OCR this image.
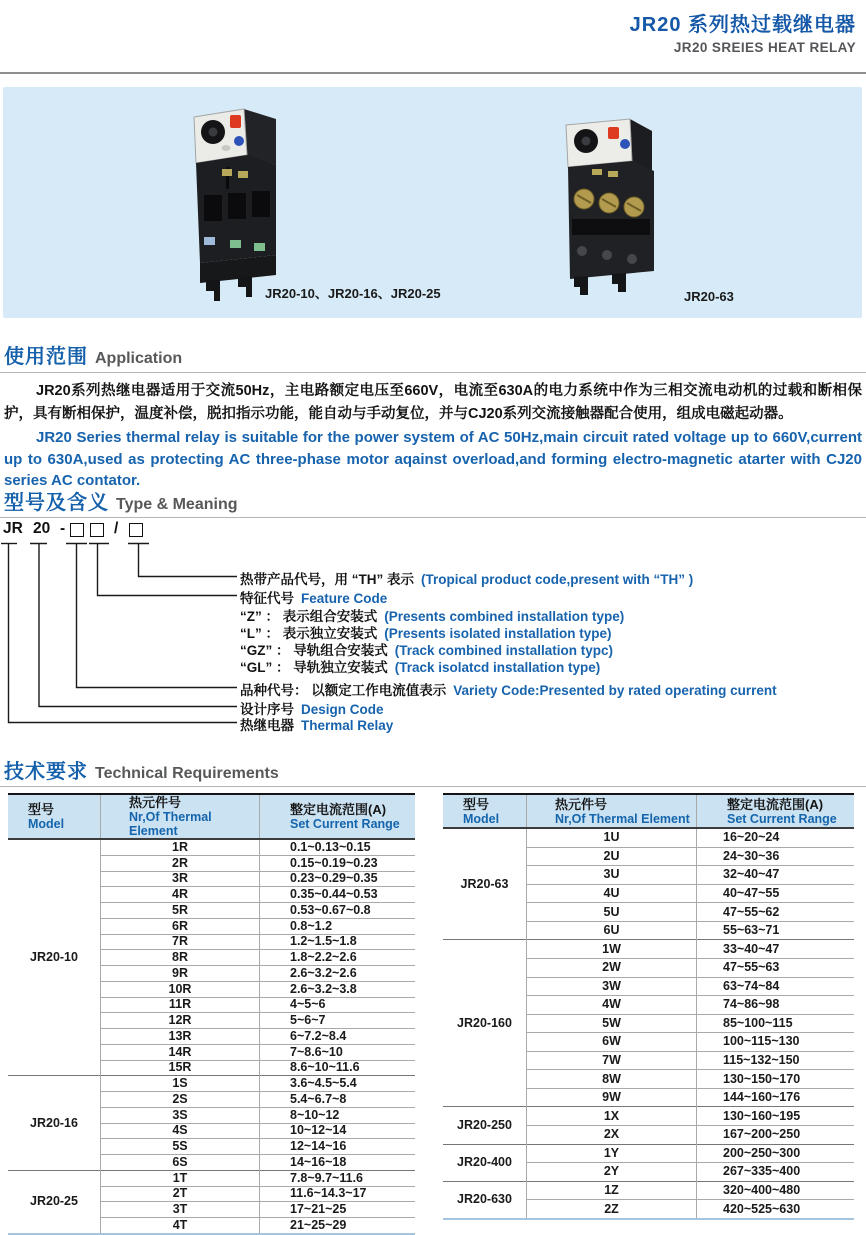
JR20 系列热过载继电器
JR20 SREIES HEAT RELAY
JR20-10、JR20-16、JR20-25	JR20-63
使用范围 Application

JR20系列热继电器适用于交流50Hz，主电路额定电压至660V，电流至630A的电力系统中作为三相交流电动机的过载和断相保护，具有断相保护，温度补偿，脱扣指示功能，能自动与手动复位，并与CJ20系列交流接触器配合使用，组成电磁起动器。

JR20 Series thermal relay is suitable for the power system of AC 50Hz,main circuit rated voltage up to 660V,current up to 630A,used as protecting AC three-phase motor aqainst overload,and forming electro-magnetic atarter with CJ20 series AC contator.

型号及含义 Type & Meaning
JR 20 -	/
热带产品代号，用 “TH” 表示 (Tropical product code,present with “TH” )
特征代号 Feature Code
“Z” ： 表示组合安装式 (Presents combined installation type)
“L” ： 表示独立安装式 (Presents isolated installation type)
“GZ” ： 导轨组合安装式 (Track combined installation typc)
“GL” ： 导轨独立安装式 (Track isolatcd installation type)
品种代号： 以额定工作电流值表示 Variety Code:Presented by rated operating current
设计序号 Design Code
热继电器 Thermal Relay
技术要求 Technical Requirements
型号
Model

热元件号
Nr,Of Thermal Element

整定电流范围(A)
Set Current Range

JR20-10	1R	0.1~0.13~0.15
	2R	0.15~0.19~0.23
	3R	0.23~0.29~0.35
	4R	0.35~0.44~0.53
	5R	0.53~0.67~0.8
	6R	0.8~1.2
	7R	1.2~1.5~1.8
	8R	1.8~2.2~2.6
	9R	2.6~3.2~2.6
	10R	2.6~3.2~3.8
	11R	4~5~6
	12R	5~6~7
	13R	6~7.2~8.4
	14R	7~8.6~10
	15R	8.6~10~11.6
JR20-16	1S	3.6~4.5~5.4
	2S	5.4~6.7~8
	3S	8~10~12
	4S	10~12~14
	5S	12~14~16
	6S	14~16~18
JR20-25	1T	7.8~9.7~11.6
	2T	11.6~14.3~17
	3T	17~21~25
	4T	21~25~29
型号
Model

热元件号
Nr,Of Thermal Element

整定电流范围(A)
Set Current Range

JR20-63	1U	16~20~24
	2U	24~30~36
	3U	32~40~47
	4U	40~47~55
	5U	47~55~62
	6U	55~63~71
JR20-160	1W	33~40~47
	2W	47~55~63
	3W	63~74~84
	4W	74~86~98
	5W	85~100~115
	6W	100~115~130
	7W	115~132~150
	8W	130~150~170
	9W	144~160~176
JR20-250	1X	130~160~195
	2X	167~200~250
JR20-400	1Y	200~250~300
	2Y	267~335~400
JR20-630	1Z	320~400~480
	2Z	420~525~630
